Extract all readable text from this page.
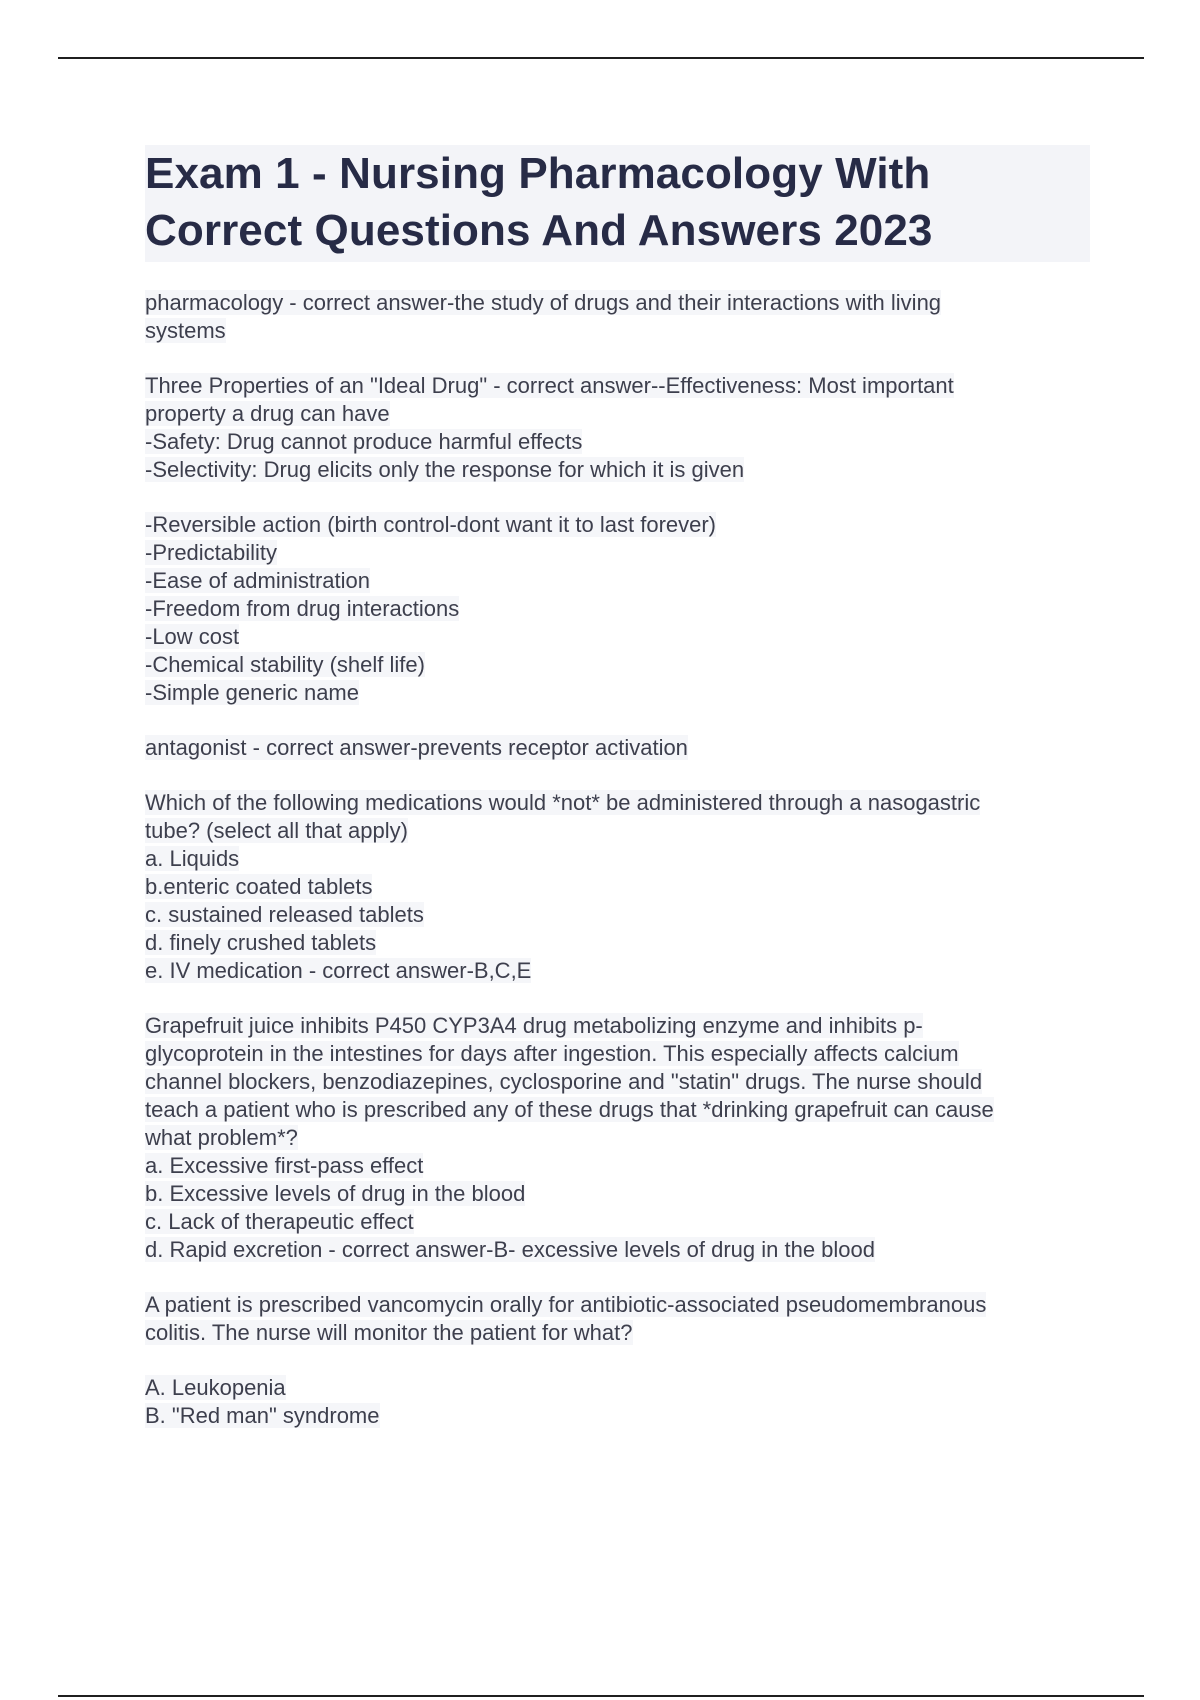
Exam 1 - Nursing Pharmacology With
Correct Questions And Answers 2023
pharmacology - correct answer-the study of drugs and their interactions with living
systems
Three Properties of an "Ideal Drug" - correct answer--Effectiveness: Most important
property a drug can have
-Safety: Drug cannot produce harmful effects
-Selectivity: Drug elicits only the response for which it is given
-Reversible action (birth control-dont want it to last forever)
-Predictability
-Ease of administration
-Freedom from drug interactions
-Low cost
-Chemical stability (shelf life)
-Simple generic name
antagonist - correct answer-prevents receptor activation
Which of the following medications would *not* be administered through a nasogastric
tube? (select all that apply)
a. Liquids
b.enteric coated tablets
c. sustained released tablets
d. finely crushed tablets
e. IV medication - correct answer-B,C,E
Grapefruit juice inhibits P450 CYP3A4 drug metabolizing enzyme and inhibits p-
glycoprotein in the intestines for days after ingestion. This especially affects calcium
channel blockers, benzodiazepines, cyclosporine and "statin" drugs. The nurse should
teach a patient who is prescribed any of these drugs that *drinking grapefruit can cause
what problem*?
a. Excessive first-pass effect
b. Excessive levels of drug in the blood
c. Lack of therapeutic effect
d. Rapid excretion - correct answer-B- excessive levels of drug in the blood
A patient is prescribed vancomycin orally for antibiotic-associated pseudomembranous
colitis. The nurse will monitor the patient for what?
A. Leukopenia
B. "Red man" syndrome
